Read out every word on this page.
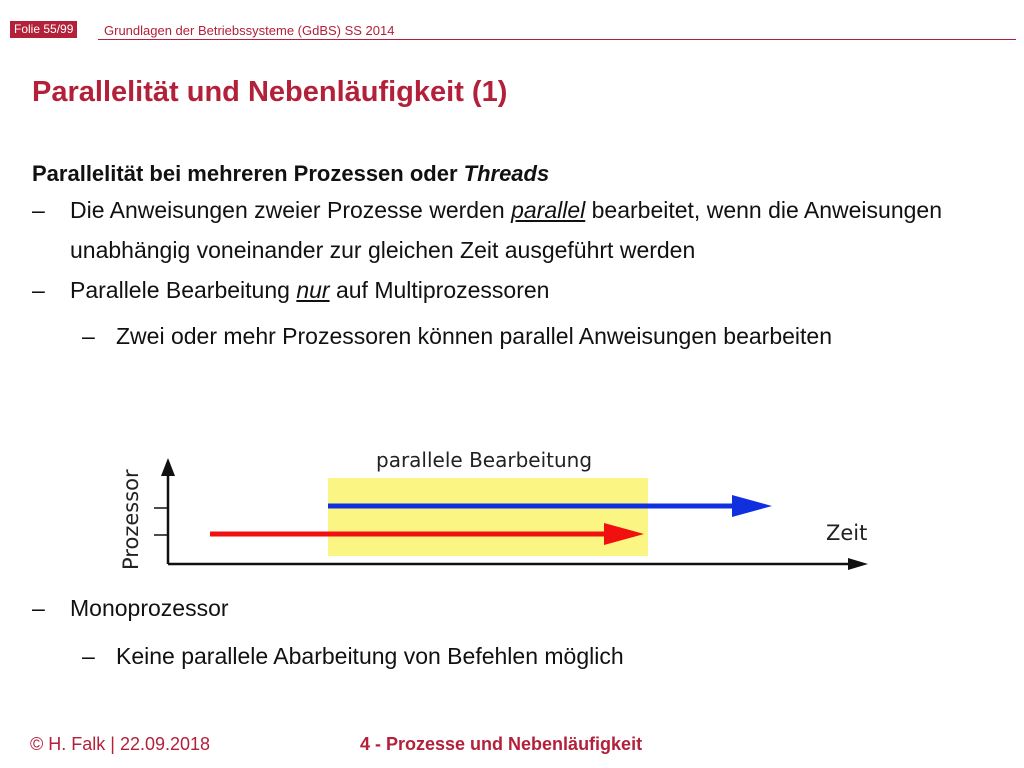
Folie 55/99	Grundlagen der Betriebssysteme (GdBS) SS 2014
Parallelität und Nebenläufigkeit (1)

Parallelität bei mehreren Prozessen oder Threads

– Die Anweisungen zweier Prozesse werden parallel bearbeitet, wenn die Anweisungen unabhängig voneinander zur gleichen Zeit ausgeführt werden
– Parallele Bearbeitung nur auf Multiprozessoren
– Zwei oder mehr Prozessoren können parallel Anweisungen bearbeiten
parallele Bearbeitung
Prozessor	Zeit
– Monoprozessor
– Keine parallele Abarbeitung von Befehlen möglich
© H. Falk | 22.09.2018	4 - Prozesse und Nebenläufigkeit
